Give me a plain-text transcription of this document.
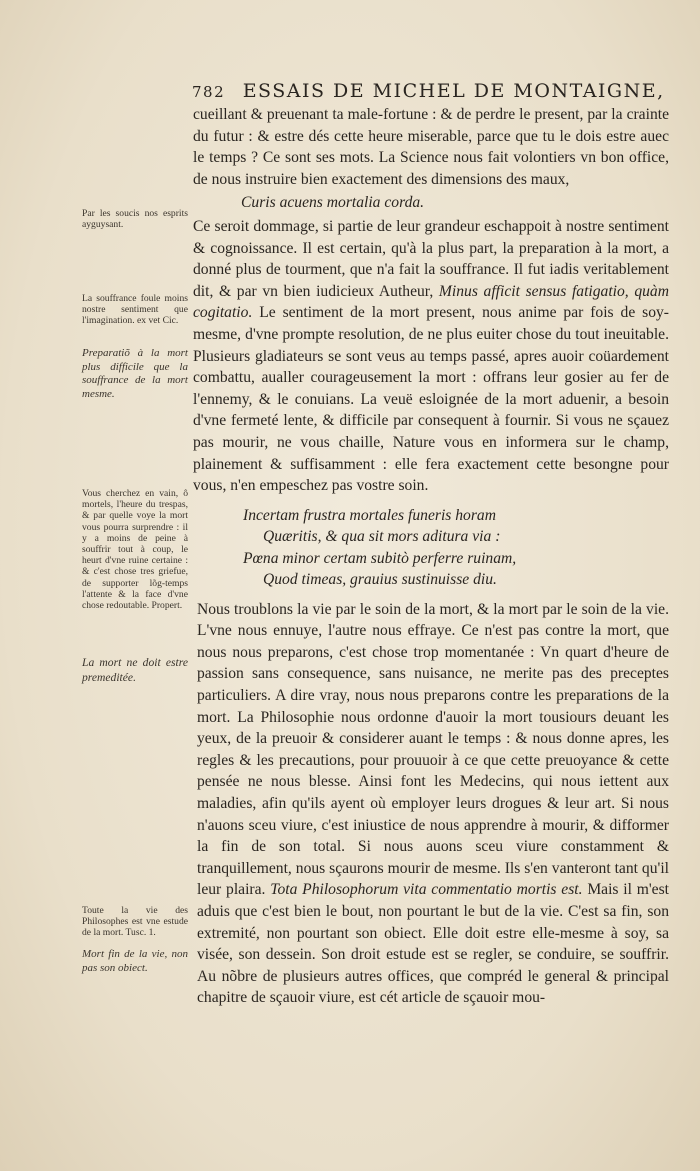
782 ESSAIS DE MICHEL DE MONTAIGNE,

cueillant & preuenant ta male-fortune : & de perdre le present, par la crainte du futur : & estre dés cette heure miserable, parce que tu le dois estre auec le temps ? Ce sont ses mots. La Science nous fait volontiers vn bon office, de nous instruire bien exactement des dimensions des maux,

Curis acuens mortalia corda.

Ce seroit dommage, si partie de leur grandeur eschappoit à nostre sentiment & cognoissance. Il est certain, qu'à la plus part, la preparation à la mort, a donné plus de tourment, que n'a fait la souffrance. Il fut iadis veritablement dit, & par vn bien iudicieux Autheur, Minus afficit sensus fatigatio, quàm cogitatio. Le sentiment de la mort present, nous anime par fois de soy-mesme, d'vne prompte resolution, de ne plus euiter chose du tout ineuitable. Plusieurs gladiateurs se sont veus au temps passé, apres auoir coüardement combattu, aualler courageusement la mort : offrans leur gosier au fer de l'ennemy, & le conuians. La veuë esloignée de la mort aduenir, a besoin d'vne fermeté lente, & difficile par consequent à fournir. Si vous ne sçauez pas mourir, ne vous chaille, Nature vous en informera sur le champ, plainement & suffisamment : elle fera exactement cette besongne pour vous, n'en empeschez pas vostre soin.

Incertam frustra mortales funeris horam
Quæritis, & qua sit mors aditura via :
Pœna minor certam subitò perferre ruinam,
Quod timeas, grauius sustinuisse diu.

Nous troublons la vie par le soin de la mort, & la mort par le soin de la vie. L'vne nous ennuye, l'autre nous effraye. Ce n'est pas contre la mort, que nous nous preparons, c'est chose trop momentanée : Vn quart d'heure de passion sans consequence, sans nuisance, ne merite pas des preceptes particuliers. A dire vray, nous nous preparons contre les preparations de la mort. La Philosophie nous ordonne d'auoir la mort tousiours deuant les yeux, de la preuoir & considerer auant le temps : & nous donne apres, les regles & les precautions, pour prouuoir à ce que cette preuoyance & cette pensée ne nous blesse. Ainsi font les Medecins, qui nous iettent aux maladies, afin qu'ils ayent où employer leurs drogues & leur art. Si nous n'auons sceu viure, c'est iniustice de nous apprendre à mourir, & difformer la fin de son total. Si nous auons sceu viure constamment & tranquillement, nous sçaurons mourir de mesme. Ils s'en vanteront tant qu'il leur plaira. Tota Philosophorum vita commentatio mortis est. Mais il m'est aduis que c'est bien le bout, non pourtant le but de la vie. C'est sa fin, son extremité, non pourtant son obiect. Elle doit estre elle-mesme à soy, sa visée, son dessein. Son droit estude est se regler, se conduire, se souffrir. Au nõbre de plusieurs autres offices, que compréd le general & principal chapitre de sçauoir viure, est cét article de sçauoir mou-

Par les soucis nos esprits ayguysant.
La souffrance foule moins nostre sentiment que l'imagination. ex vet Cic.
Preparatiõ à la mort plus difficile que la souffrance de la mort mesme.
Vous cherchez en vain, ô mortels, l'heure du trespas, & par quelle voye la mort vous pourra surprendre : il y a moins de peine à souffrir tout à coup, le heurt d'vne ruine certaine : & c'est chose tres griefue, de supporter lõg-temps l'attente & la face d'vne chose redoutable. Propert.
La mort ne doit estre premeditée.
Toute la vie des Philosophes est vne estude de la mort. Tusc. 1.
Mort fin de la vie, non pas son obiect.
